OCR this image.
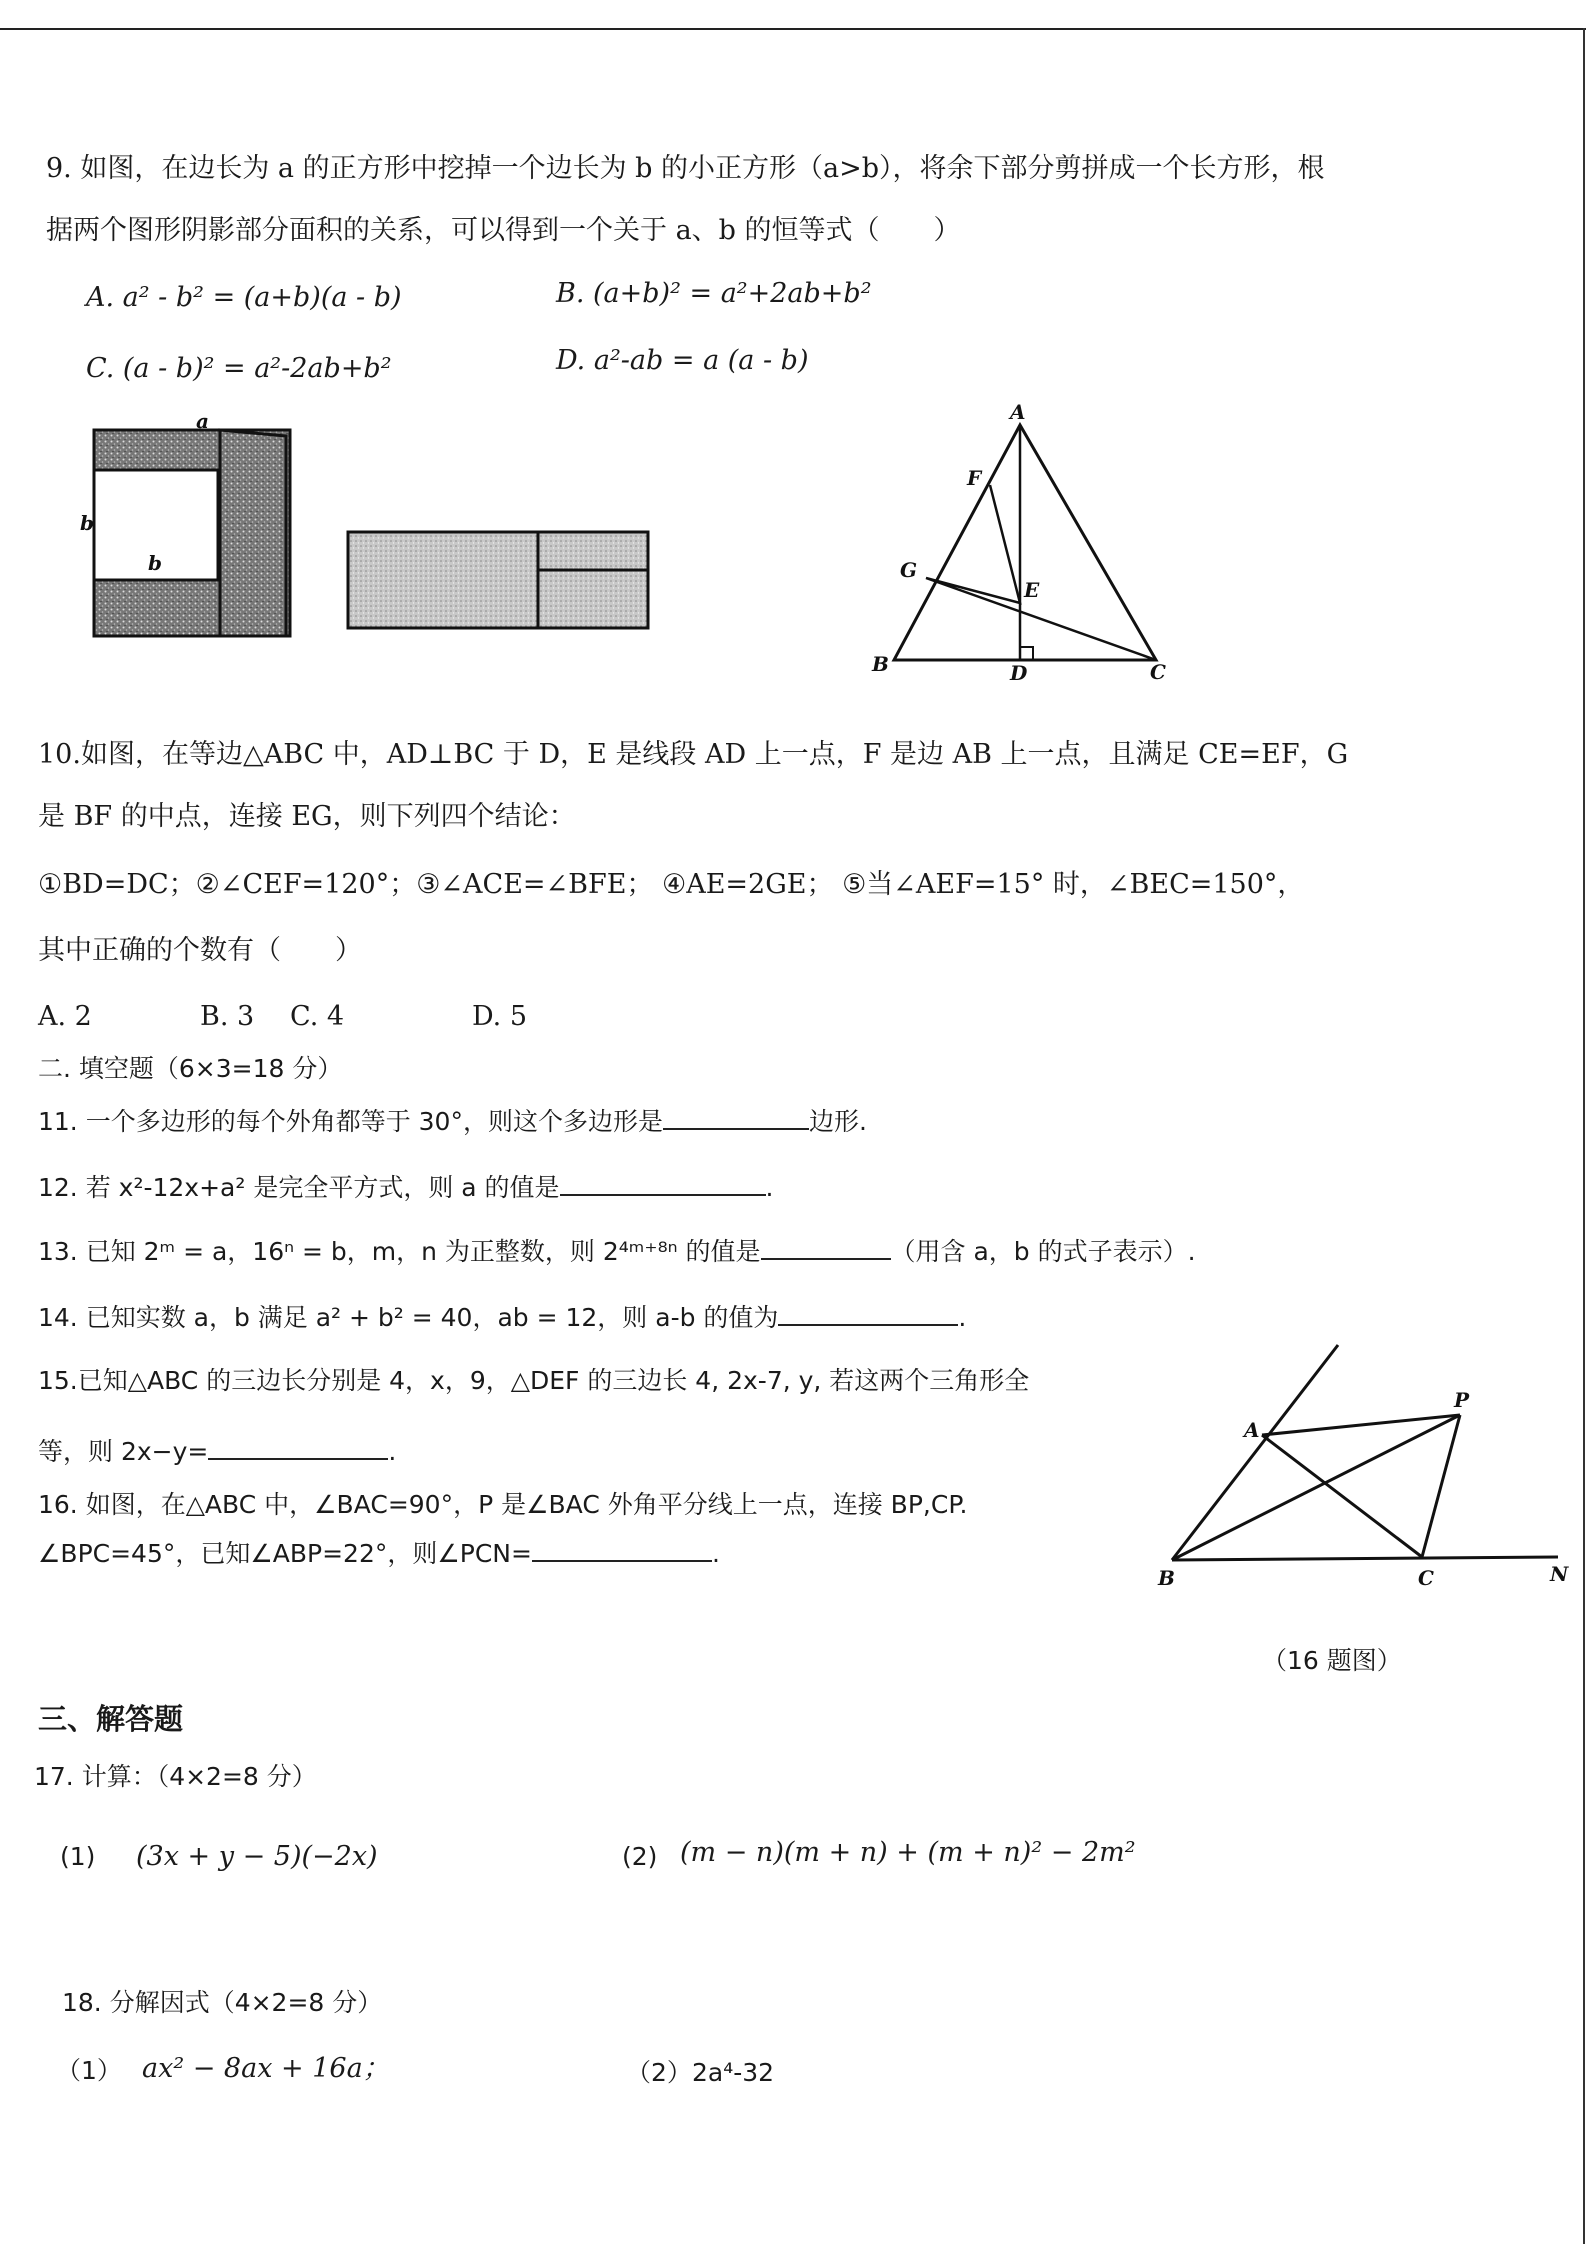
9. 如图，在边长为 a 的正方形中挖掉一个边长为 b 的小正方形（a>b），将余下部分剪拼成一个长方形，根
据两个图形阴影部分面积的关系，可以得到一个关于 a、b 的恒等式（　　）
A. a² - b² = (a+b)(a - b)	B. (a+b)² = a²+2ab+b²
C. (a - b)² = a²-2ab+b²	D. a²-ab = a (a - b)
a
b
b
A
F
G
E
B	D	C
10.如图，在等边△ABC 中，AD⊥BC 于 D，E 是线段 AD 上一点，F 是边 AB 上一点，且满足 CE=EF，G
是 BF 的中点，连接 EG，则下列四个结论：
①BD=DC；②∠CEF=120°；③∠ACE=∠BFE； ④AE=2GE； ⑤当∠AEF=15° 时，∠BEC=150°，
其中正确的个数有（　　）
A. 2	B. 3 C. 4	D. 5
二. 填空题（6×3=18 分）
11. 一个多边形的每个外角都等于 30°，则这个多边形是	边形.
12. 若 x²-12x+a² 是完全平方式，则 a 的值是	.
13. 已知 2ᵐ = a，16ⁿ = b，m，n 为正整数，则 2⁴ᵐ⁺⁸ⁿ 的值是	（用含 a，b 的式子表示）.
14. 已知实数 a，b 满足 a² + b² = 40，ab = 12，则 a-b 的值为	.
15.已知△ABC 的三边长分别是 4，x，9，△DEF 的三边长 4, 2x-7, y, 若这两个三角形全
等，则 2x−y=	.
16. 如图，在△ABC 中，∠BAC=90°，P 是∠BAC 外角平分线上一点，连接 BP,CP.
∠BPC=45°，已知∠ABP=22°，则∠PCN=	.
A
P
B	C	N
（16 题图）
三、解答题
17. 计算：（4×2=8 分）
(1) (3x + y − 5)(−2x)	(2) (m − n)(m + n) + (m + n)² − 2m²
18. 分解因式（4×2=8 分）
（1） ax² − 8ax + 16a；	（2） 2a⁴-32
